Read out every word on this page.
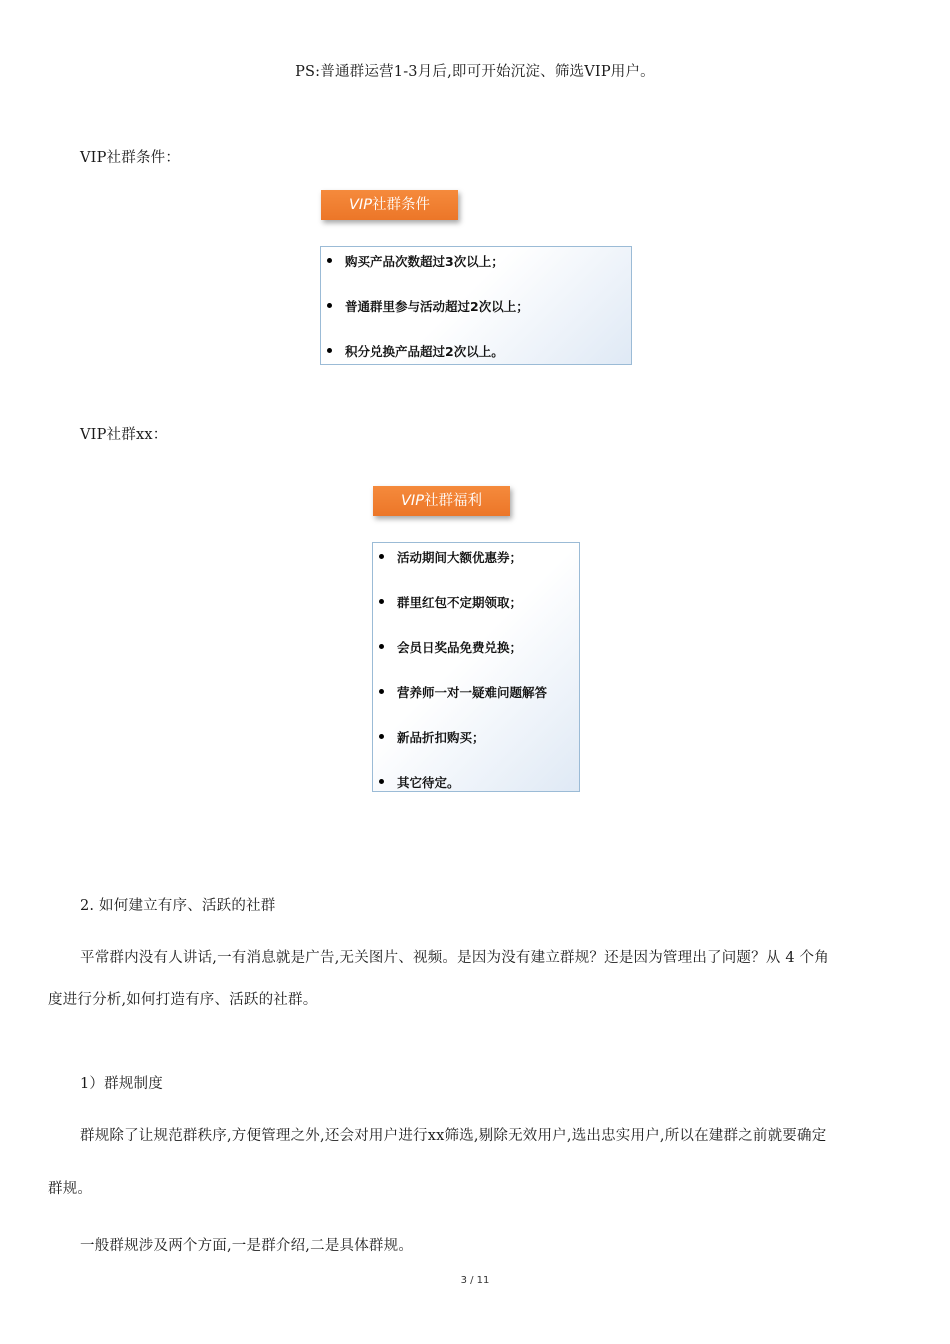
PS:普通群运营1-3月后,即可开始沉淀、筛选VIP用户。
VIP社群条件：
VIP社群条件
购买产品次数超过3次以上；
普通群里参与活动超过2次以上；
积分兑换产品超过2次以上。
VIP社群xx：
VIP社群福利
活动期间大额优惠券；
群里红包不定期领取；
会员日奖品免费兑换；
营养师一对一疑难问题解答
新品折扣购买；
其它待定。
2. 如何建立有序、活跃的社群
平常群内没有人讲话,一有消息就是广告,无关图片、视频。是因为没有建立群规？还是因为管理出了问题？从 4 个角
度进行分析,如何打造有序、活跃的社群。
1）群规制度
群规除了让规范群秩序,方便管理之外,还会对用户进行xx筛选,剔除无效用户,选出忠实用户,所以在建群之前就要确定
群规。
一般群规涉及两个方面,一是群介绍,二是具体群规。
3 / 11
